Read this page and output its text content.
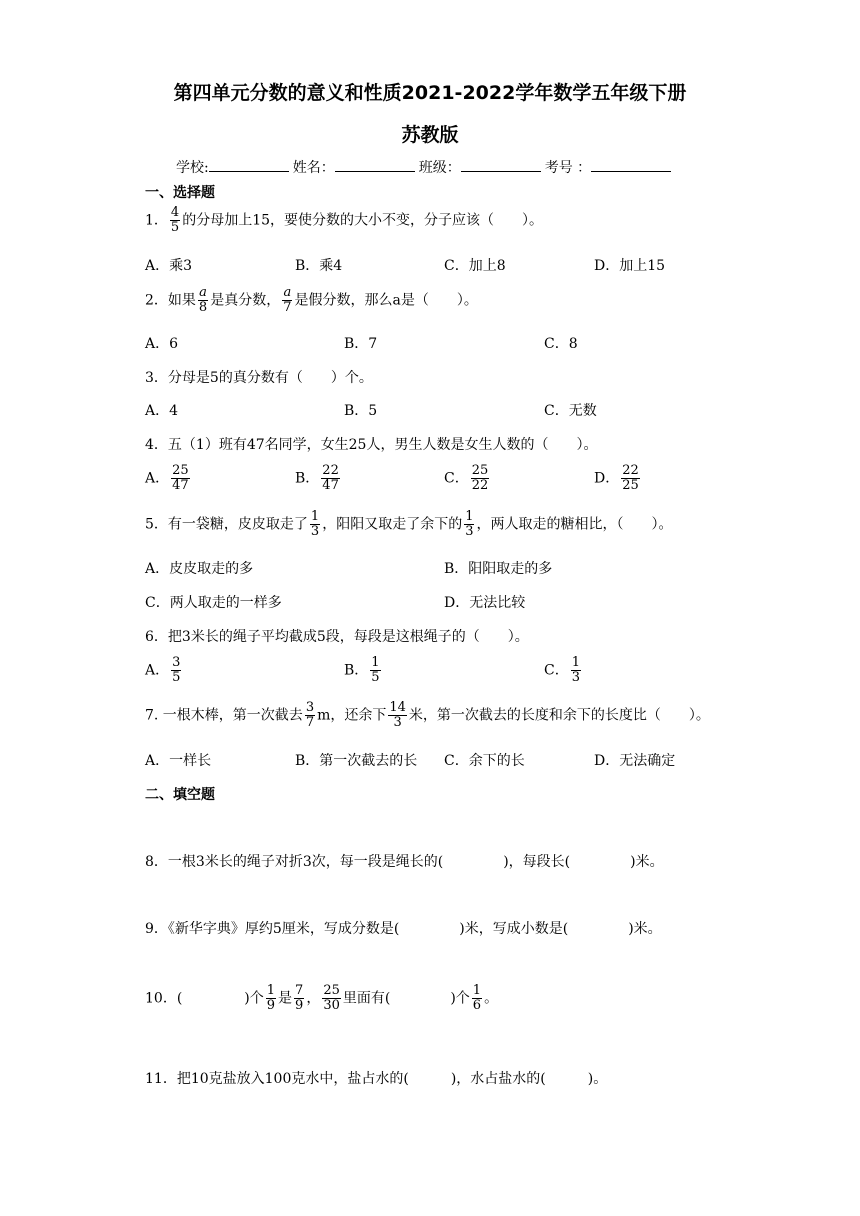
第四单元分数的意义和性质2021-2022学年数学五年级下册
苏教版
学校:	姓名：	班级：	考号 ：
一、选择题
1． $\frac{4}{5}$ 的分母加上15，要使分数的大小不变，分子应该（　　）。
A．乘3	B．乘4	C．加上8	D．加上15
2．如果 $\frac{a}{8}$ 是真分数， $\frac{a}{7}$ 是假分数，那么a是（　　）。
A．6	B．7	C．8
3．分母是5的真分数有（　　）个。
A．4	B．5	C．无数
4．五（1）班有47名同学，女生25人，男生人数是女生人数的（　　）。
A． $\frac{25}{47}$	B． $\frac{22}{47}$	C． $\frac{25}{22}$	D． $\frac{22}{25}$
5．有一袋糖，皮皮取走了 $\frac{1}{3}$ ，阳阳又取走了余下的 $\frac{1}{3}$ ，两人取走的糖相比，（　　）。
A．皮皮取走的多	B．阳阳取走的多
C．两人取走的一样多	D．无法比较
6．把3米长的绳子平均截成5段，每段是这根绳子的（　　）。
A． $\frac{3}{5}$	B． $\frac{1}{5}$	C． $\frac{1}{3}$
7. 一根木棒，第一次截去 $\frac{3}{7}$ m，还余下 $\frac{14}{3}$ 米，第一次截去的长度和余下的长度比（　　）。
A．一样长	B．第一次截去的长 C．余下的长	D．无法确定
二、填空题
8．一根3米长的绳子对折3次，每一段是绳长的(	)，每段长(	)米。
9．《新华字典》厚约5厘米，写成分数是(	)米，写成小数是(	)米。
10．(	)个 $\frac{1}{9}$ 是 $\frac{7}{9}$ ， $\frac{25}{30}$ 里面有(	)个 $\frac{1}{6}$ 。
11．把10克盐放入100克水中，盐占水的(	)，水占盐水的(	)。
